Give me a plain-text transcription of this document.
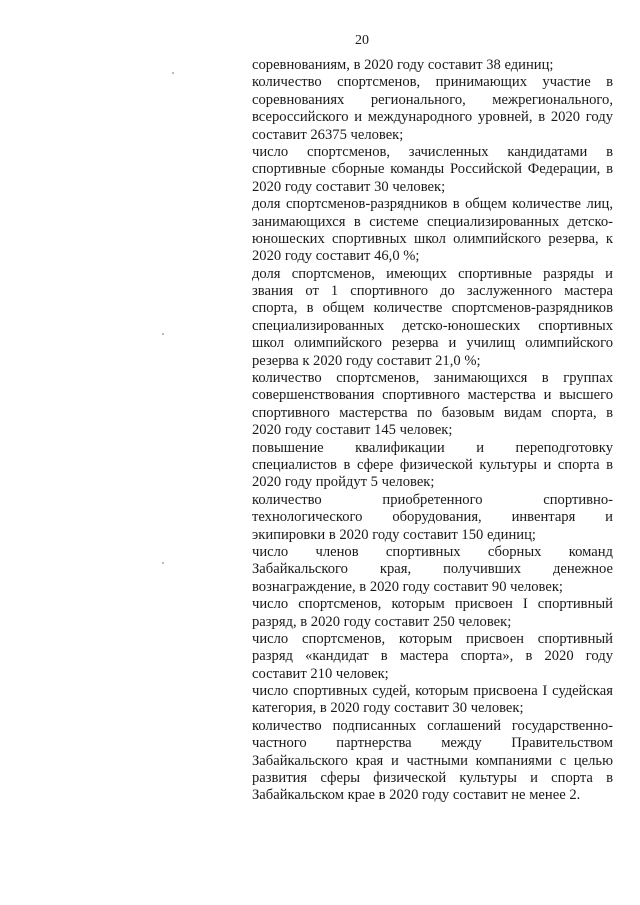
20
соревнованиям, в 2020 году составит 38 единиц;
количество спортсменов, принимающих участие в
соревнованиях регионального, межрегионального,
всероссийского и международного уровней, в 2020 году
составит 26375 человек;
число спортсменов, зачисленных кандидатами в
спортивные сборные команды Российской Федерации, в
2020 году составит 30 человек;
доля спортсменов-разрядников в общем количестве лиц,
занимающихся в системе специализированных детско-
юношеских спортивных школ олимпийского резерва, к
2020 году составит 46,0 %;
доля спортсменов, имеющих спортивные разряды и
звания от 1 спортивного до заслуженного мастера
спорта, в общем количестве спортсменов-разрядников
специализированных детско-юношеских спортивных
школ олимпийского резерва и училищ олимпийского
резерва к 2020 году составит 21,0 %;
количество спортсменов, занимающихся в группах
совершенствования спортивного мастерства и высшего
спортивного мастерства по базовым видам спорта, в
2020 году составит 145 человек;
повышение квалификации и переподготовку
специалистов в сфере физической культуры и спорта в
2020 году пройдут 5 человек;
количество приобретенного спортивно-
технологического оборудования, инвентаря и
экипировки в 2020 году составит 150 единиц;
число членов спортивных сборных команд
Забайкальского края, получивших денежное
вознаграждение, в 2020 году составит 90 человек;
число спортсменов, которым присвоен I спортивный
разряд, в 2020 году составит 250 человек;
число спортсменов, которым присвоен спортивный
разряд «кандидат в мастера спорта», в 2020 году
составит 210 человек;
число спортивных судей, которым присвоена I судейская
категория, в 2020 году составит 30 человек;
количество подписанных соглашений государственно-
частного партнерства между Правительством
Забайкальского края и частными компаниями с целью
развития сферы физической культуры и спорта в
Забайкальском крае в 2020 году составит не менее 2.
